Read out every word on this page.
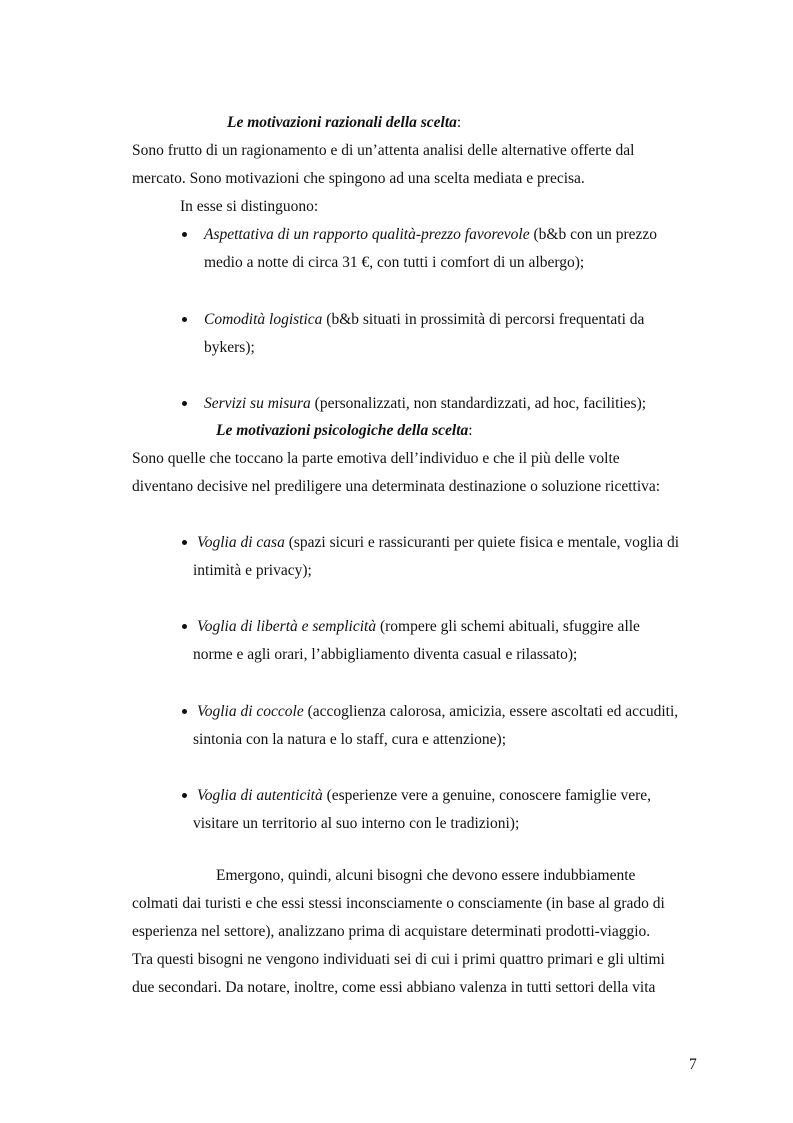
Le motivazioni razionali della scelta:
Sono frutto di un ragionamento e di un’attenta analisi delle alternative offerte dal
mercato. Sono motivazioni che spingono ad una scelta mediata e precisa.
In esse si distinguono:
Aspettativa di un rapporto qualità-prezzo favorevole (b&b con un prezzo
medio a notte di circa 31 €, con tutti i comfort di un albergo);
Comodità logistica (b&b situati in prossimità di percorsi frequentati da
bykers);
Servizi su misura (personalizzati, non standardizzati, ad hoc, facilities);
Le motivazioni psicologiche della scelta:
Sono quelle che toccano la parte emotiva dell’individuo e che il più delle volte
diventano decisive nel prediligere una determinata destinazione o soluzione ricettiva:
Voglia di casa (spazi sicuri e rassicuranti per quiete fisica e mentale, voglia di
intimità e privacy);
Voglia di libertà e semplicità (rompere gli schemi abituali, sfuggire alle
norme e agli orari, l’abbigliamento diventa casual e rilassato);
Voglia di coccole (accoglienza calorosa, amicizia, essere ascoltati ed accuditi,
sintonia con la natura e lo staff, cura e attenzione);
Voglia di autenticità (esperienze vere a genuine, conoscere famiglie vere,
visitare un territorio al suo interno con le tradizioni);
Emergono, quindi, alcuni bisogni che devono essere indubbiamente
colmati dai turisti e che essi stessi inconsciamente o consciamente (in base al grado di
esperienza nel settore), analizzano prima di acquistare determinati prodotti-viaggio.
Tra questi bisogni ne vengono individuati sei di cui i primi quattro primari e gli ultimi
due secondari. Da notare, inoltre, come essi abbiano valenza in tutti settori della vita
7
